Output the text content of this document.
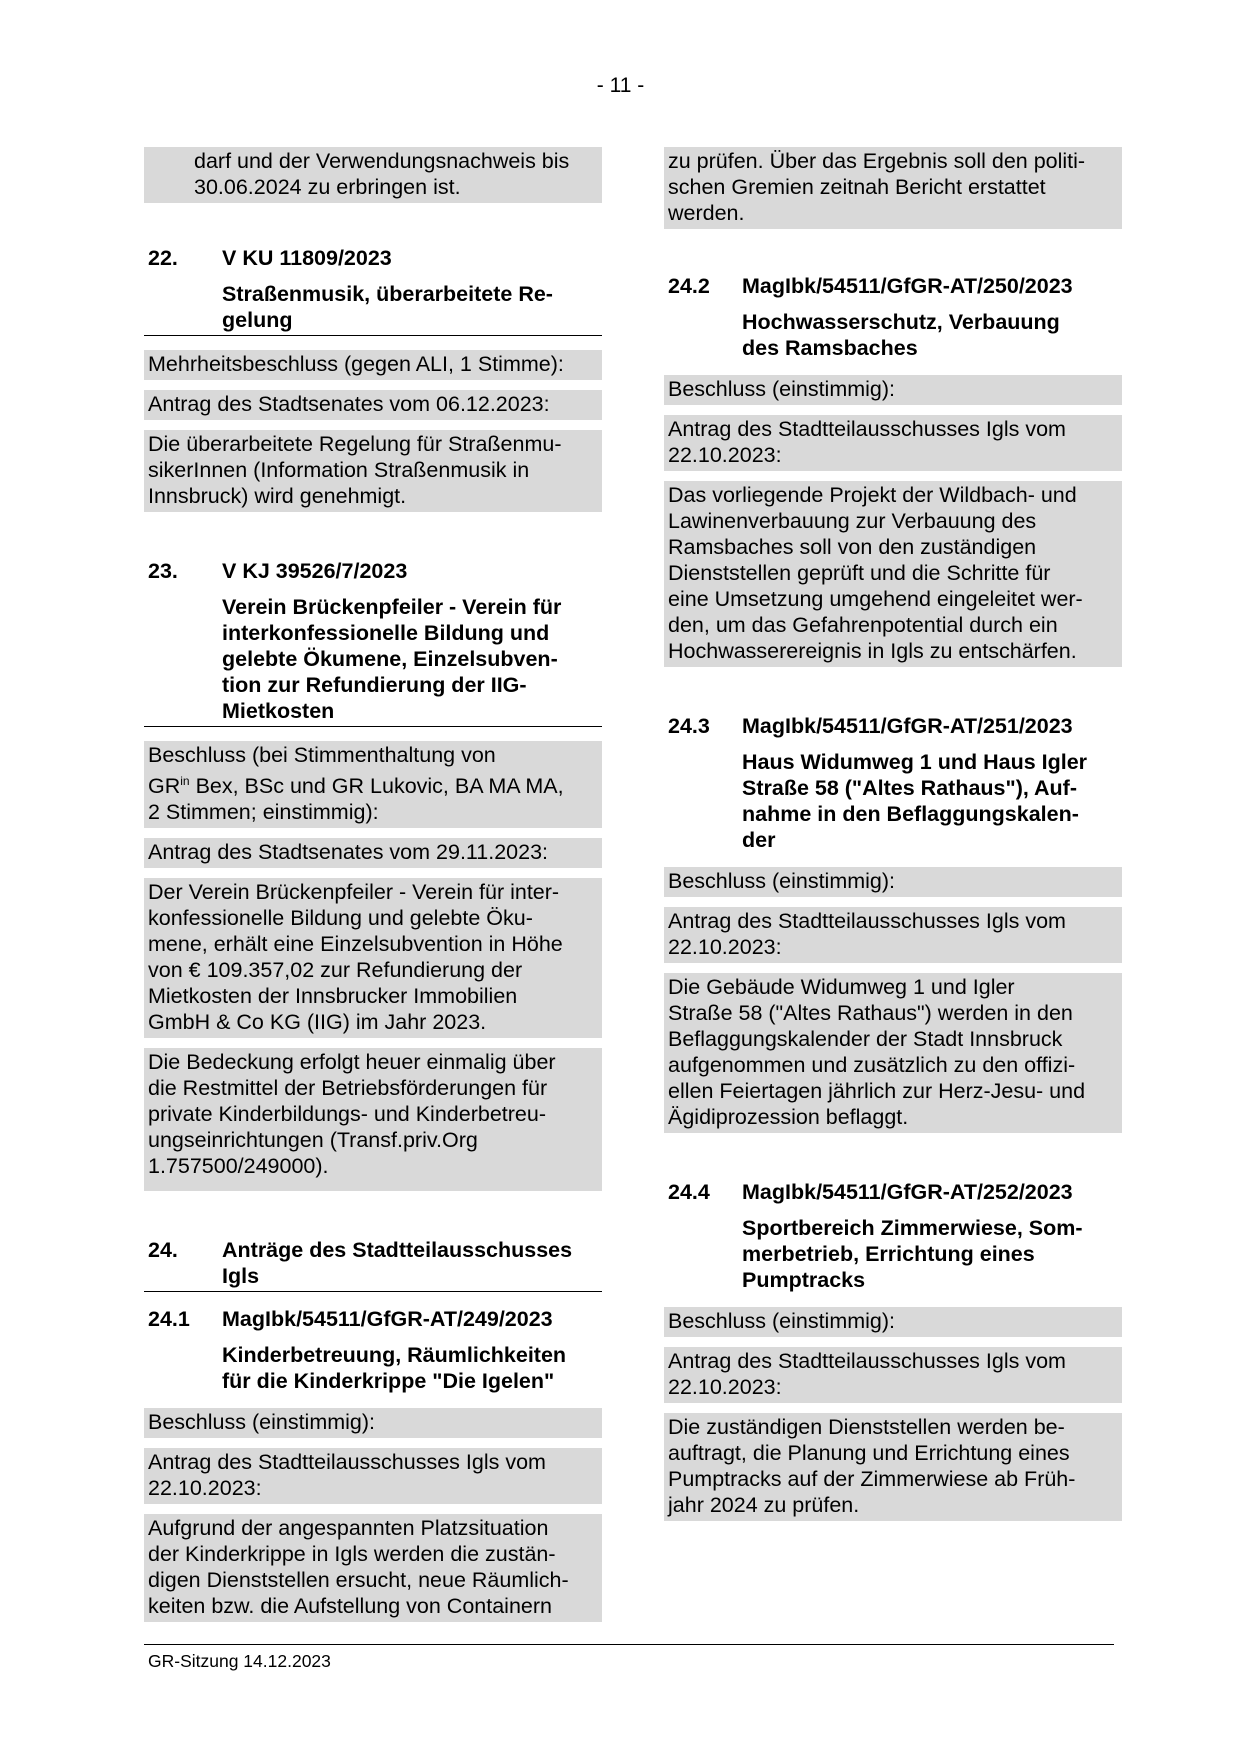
- 11 -
darf und der Verwendungsnachweis bis 30.06.2024 zu erbringen ist.
22.	V KU 11809/2023
Straßenmusik, überarbeitete Re-
gelung
Mehrheitsbeschluss (gegen ALI, 1 Stimme):
Antrag des Stadtsenates vom 06.12.2023:
Die überarbeitete Regelung für Straßenmu-
sikerInnen (Information Straßenmusik in
Innsbruck) wird genehmigt.
23.	V KJ 39526/7/2023
Verein Brückenpfeiler - Verein für
interkonfessionelle Bildung und
gelebte Ökumene, Einzelsubven-
tion zur Refundierung der IIG-
Mietkosten
Beschluss (bei Stimmenthaltung von
$GR^{in}$ Bex, BSc und GR Lukovic, BA MA MA,
2 Stimmen; einstimmig):
Antrag des Stadtsenates vom 29.11.2023:
Der Verein Brückenpfeiler - Verein für inter-
konfessionelle Bildung und gelebte Öku-
mene, erhält eine Einzelsubvention in Höhe
von € 109.357,02 zur Refundierung der
Mietkosten der Innsbrucker Immobilien
GmbH & Co KG (IIG) im Jahr 2023.
Die Bedeckung erfolgt heuer einmalig über
die Restmittel der Betriebsförderungen für
private Kinderbildungs- und Kinderbetreu-
ungseinrichtungen (Transf.priv.Org
1.757500/249000).
24. Anträge des Stadtteilausschusses
Igls
24.1	MagIbk/54511/GfGR-AT/249/2023
Kinderbetreuung, Räumlichkeiten
für die Kinderkrippe "Die Igelen"
Beschluss (einstimmig):
Antrag des Stadtteilausschusses Igls vom
22.10.2023:
Aufgrund der angespannten Platzsituation
der Kinderkrippe in Igls werden die zustän-
digen Dienststellen ersucht, neue Räumlich-
keiten bzw. die Aufstellung von Containern
zu prüfen. Über das Ergebnis soll den politi-
schen Gremien zeitnah Bericht erstattet
werden.
24.2	MagIbk/54511/GfGR-AT/250/2023
Hochwasserschutz, Verbauung
des Ramsbaches
Beschluss (einstimmig):
Antrag des Stadtteilausschusses Igls vom
22.10.2023:
Das vorliegende Projekt der Wildbach- und
Lawinenverbauung zur Verbauung des
Ramsbaches soll von den zuständigen
Dienststellen geprüft und die Schritte für
eine Umsetzung umgehend eingeleitet wer-
den, um das Gefahrenpotential durch ein
Hochwasserereignis in Igls zu entschärfen.
24.3	MagIbk/54511/GfGR-AT/251/2023
Haus Widumweg 1 und Haus Igler
Straße 58 ("Altes Rathaus"), Auf-
nahme in den Beflaggungskalen-
der
Beschluss (einstimmig):
Antrag des Stadtteilausschusses Igls vom
22.10.2023:
Die Gebäude Widumweg 1 und Igler
Straße 58 ("Altes Rathaus") werden in den
Beflaggungskalender der Stadt Innsbruck
aufgenommen und zusätzlich zu den offizi-
ellen Feiertagen jährlich zur Herz-Jesu- und
Ägidiprozession beflaggt.
24.4	MagIbk/54511/GfGR-AT/252/2023
Sportbereich Zimmerwiese, Som-
merbetrieb, Errichtung eines
Pumptracks
Beschluss (einstimmig):
Antrag des Stadtteilausschusses Igls vom
22.10.2023:
Die zuständigen Dienststellen werden be-
auftragt, die Planung und Errichtung eines
Pumptracks auf der Zimmerwiese ab Früh-
jahr 2024 zu prüfen.
GR-Sitzung 14.12.2023
